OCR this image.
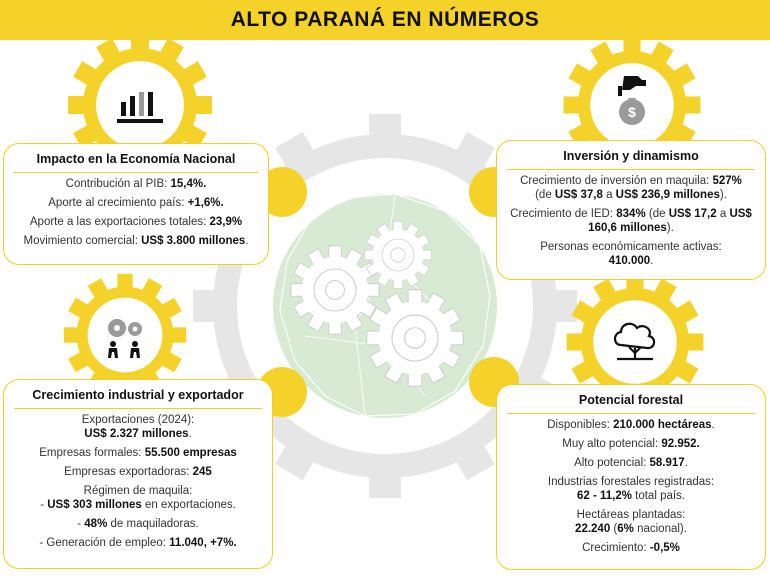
ALTO PARANÁ EN NÚMEROS
$
Impacto en la Economía Nacional

Contribución al PIB: 15,4%.

Aporte al crecimiento país: +1,6%.

Aporte a las exportaciones totales: 23,9%

Movimiento comercial: US$ 3.800 millones.

Inversión y dinamismo

Crecimiento de inversión en maquila: 527%
(de US$ 37,8 a US$ 236,9 millones).

Crecimiento de IED: 834% (de US$ 17,2 a US$ 160,6 millones).

Personas económicamente activas:
410.000.

Crecimiento industrial y exportador

Exportaciones (2024):
US$ 2.327 millones.

Empresas formales: 55.500 empresas

Empresas exportadoras: 245

Régimen de maquila:
- US$ 303 millones en exportaciones.

- 48% de maquiladoras.

- Generación de empleo: 11.040, +7%.

Potencial forestal

Disponibles: 210.000 hectáreas.

Muy alto potencial: 92.952.

Alto potencial: 58.917.

Industrias forestales registradas:
62 - 11,2% total país.

Hectáreas plantadas:
22.240 (6% nacional).

Crecimiento: -0,5%
